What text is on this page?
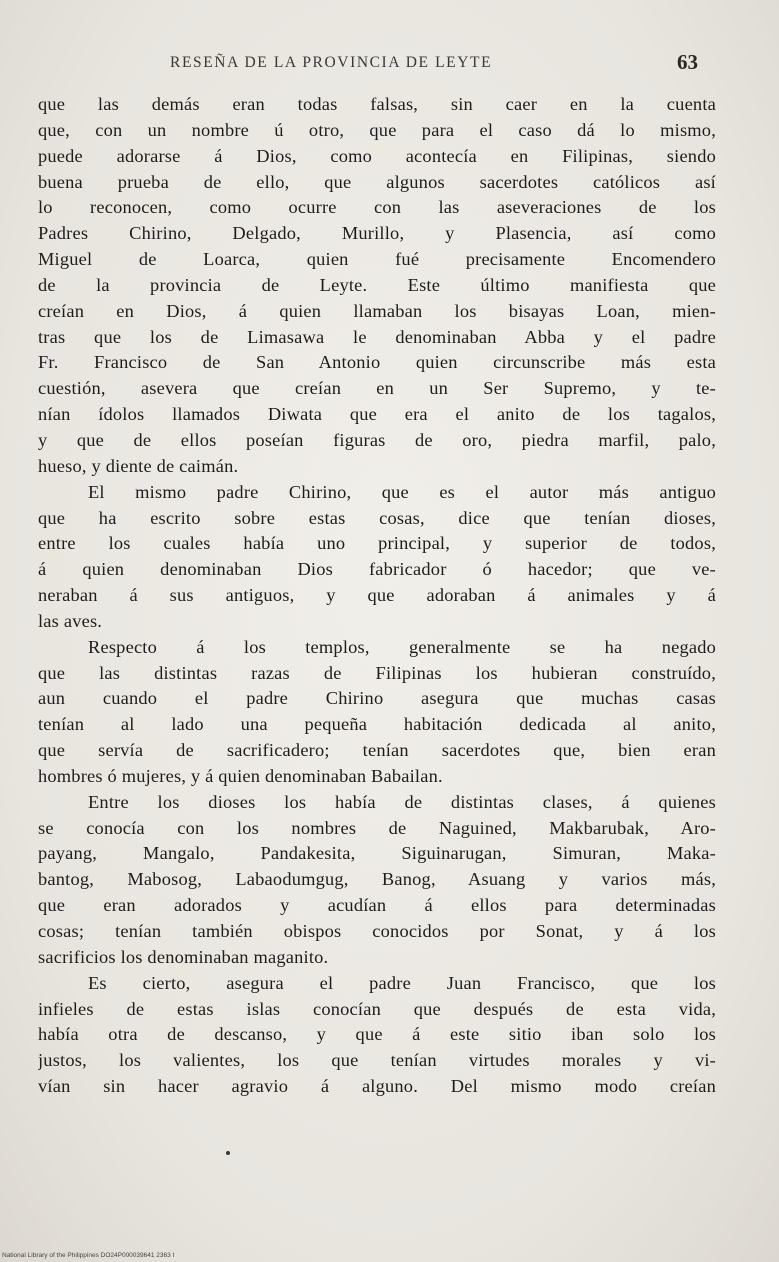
RESEÑA DE LA PROVINCIA DE LEYTE	63
que las demás eran todas falsas, sin caer en la cuenta
que, con un nombre ú otro, que para el caso dá lo mismo,
puede adorarse á Dios, como acontecía en Filipinas, siendo
buena prueba de ello, que algunos sacerdotes católicos así
lo reconocen, como ocurre con las aseveraciones de los
Padres Chirino, Delgado, Murillo, y Plasencia, así como
Miguel de Loarca, quien fué precisamente Encomendero
de la provincia de Leyte. Este último manifiesta que
creían en Dios, á quien llamaban los bisayas Loan, mien-
tras que los de Limasawa le denominaban Abba y el padre
Fr. Francisco de San Antonio quien circunscribe más esta
cuestión, asevera que creían en un Ser Supremo, y te-
nían ídolos llamados Diwata que era el anito de los tagalos,
y que de ellos poseían figuras de oro, piedra marfil, palo,
hueso, y diente de caimán.
El mismo padre Chirino, que es el autor más antiguo
que ha escrito sobre estas cosas, dice que tenían dioses,
entre los cuales había uno principal, y superior de todos,
á quien denominaban Dios fabricador ó hacedor; que ve-
neraban á sus antiguos, y que adoraban á animales y á
las aves.
Respecto á los templos, generalmente se ha negado
que las distintas razas de Filipinas los hubieran construído,
aun cuando el padre Chirino asegura que muchas casas
tenían al lado una pequeña habitación dedicada al anito,
que servía de sacrificadero; tenían sacerdotes que, bien eran
hombres ó mujeres, y á quien denominaban Babailan.
Entre los dioses los había de distintas clases, á quienes
se conocía con los nombres de Naguined, Makbarubak, Aro-
payang, Mangalo, Pandakesita, Siguinarugan, Simuran, Maka-
bantog, Mabosog, Labaodumgug, Banog, Asuang y varios más,
que eran adorados y acudían á ellos para determinadas
cosas; tenían también obispos conocidos por Sonat, y á los
sacrificios los denominaban maganito.
Es cierto, asegura el padre Juan Francisco, que los
infieles de estas islas conocían que después de esta vida,
había otra de descanso, y que á este sitio iban solo los
justos, los valientes, los que tenían virtudes morales y vi-
vían sin hacer agravio á alguno. Del mismo modo creían
National Library of the Philippines DO24P000039641 2363 I
